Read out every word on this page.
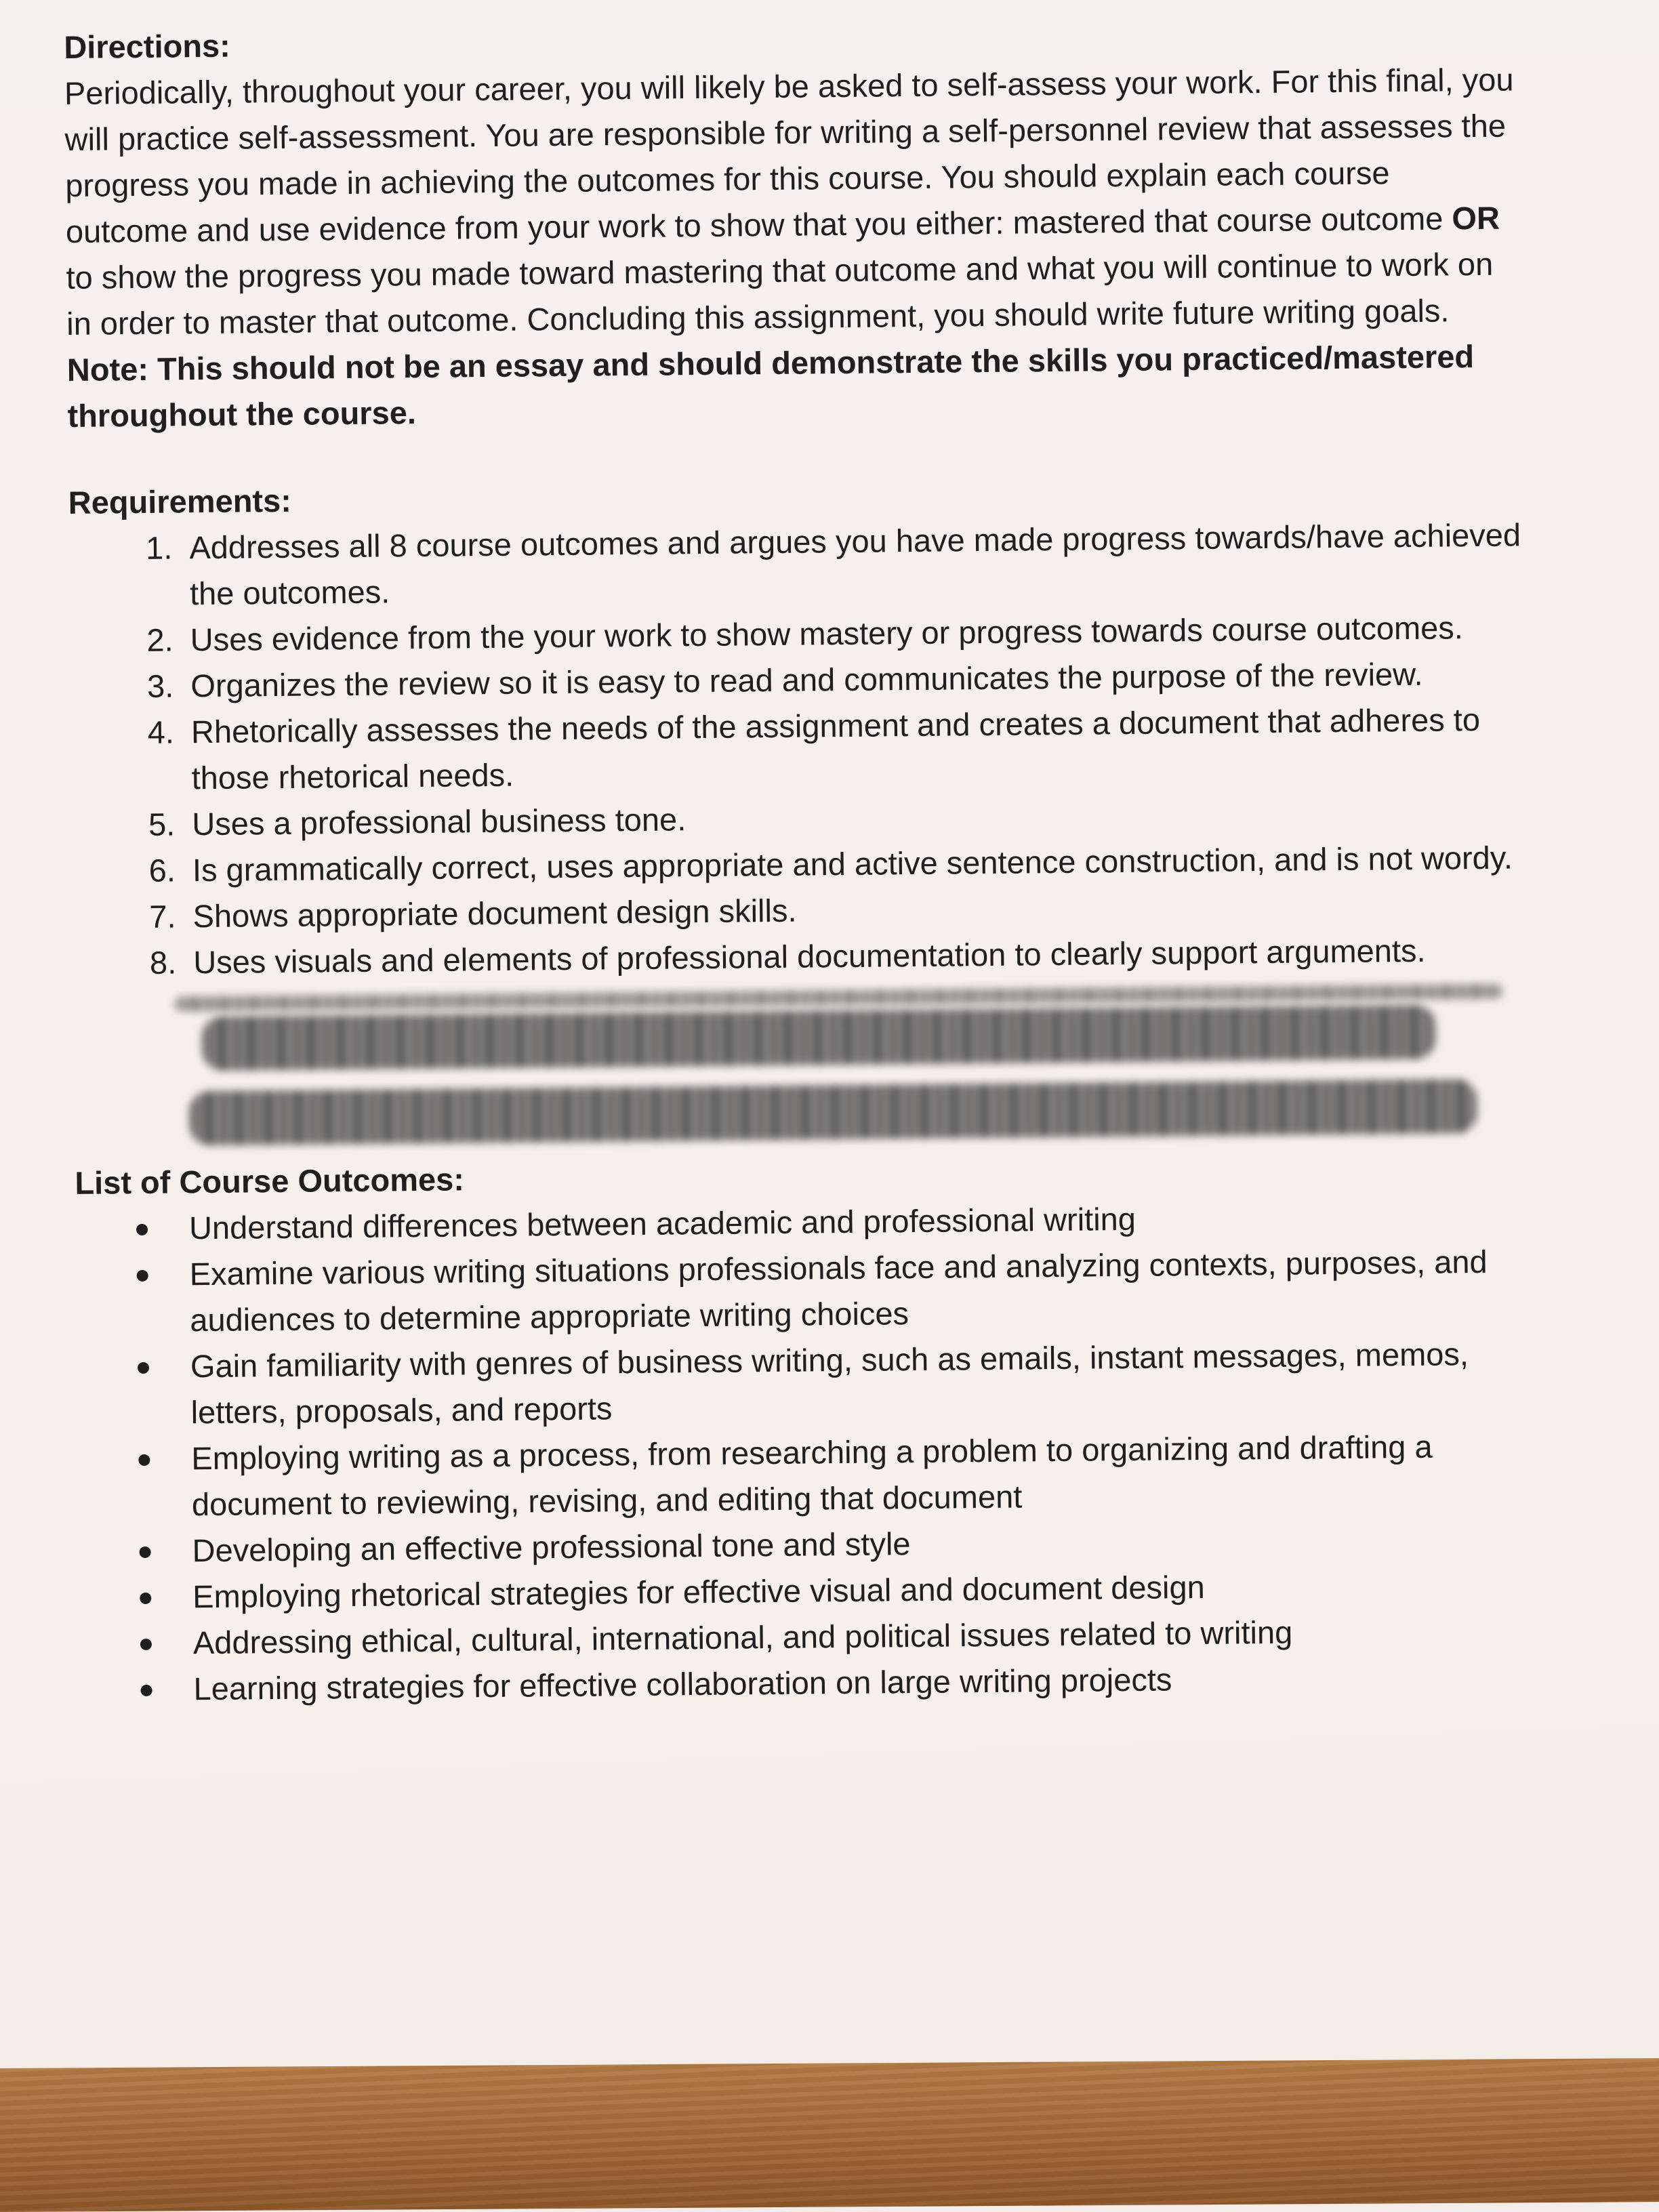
Directions:

Periodically, throughout your career, you will likely be asked to self-assess your work. For this final, you will practice self-assessment. You are responsible for writing a self-personnel review that assesses the progress you made in achieving the outcomes for this course. You should explain each course outcome and use evidence from your work to show that you either: mastered that course outcome OR to show the progress you made toward mastering that outcome and what you will continue to work on in order to master that outcome. Concluding this assignment, you should write future writing goals. Note: This should not be an essay and should demonstrate the skills you practiced/mastered throughout the course.

Requirements:

1. Addresses all 8 course outcomes and argues you have made progress towards/have achieved the outcomes.
2. Uses evidence from the your work to show mastery or progress towards course outcomes.
3. Organizes the review so it is easy to read and communicates the purpose of the review.
4. Rhetorically assesses the needs of the assignment and creates a document that adheres to those rhetorical needs.
5. Uses a professional business tone.
6. Is grammatically correct, uses appropriate and active sentence construction, and is not wordy.
7. Shows appropriate document design skills.
8. Uses visuals and elements of professional documentation to clearly support arguments.

List of Course Outcomes:

Understand differences between academic and professional writing
Examine various writing situations professionals face and analyzing contexts, purposes, and audiences to determine appropriate writing choices
Gain familiarity with genres of business writing, such as emails, instant messages, memos, letters, proposals, and reports
Employing writing as a process, from researching a problem to organizing and drafting a document to reviewing, revising, and editing that document
Developing an effective professional tone and style
Employing rhetorical strategies for effective visual and document design
Addressing ethical, cultural, international, and political issues related to writing
Learning strategies for effective collaboration on large writing projects
